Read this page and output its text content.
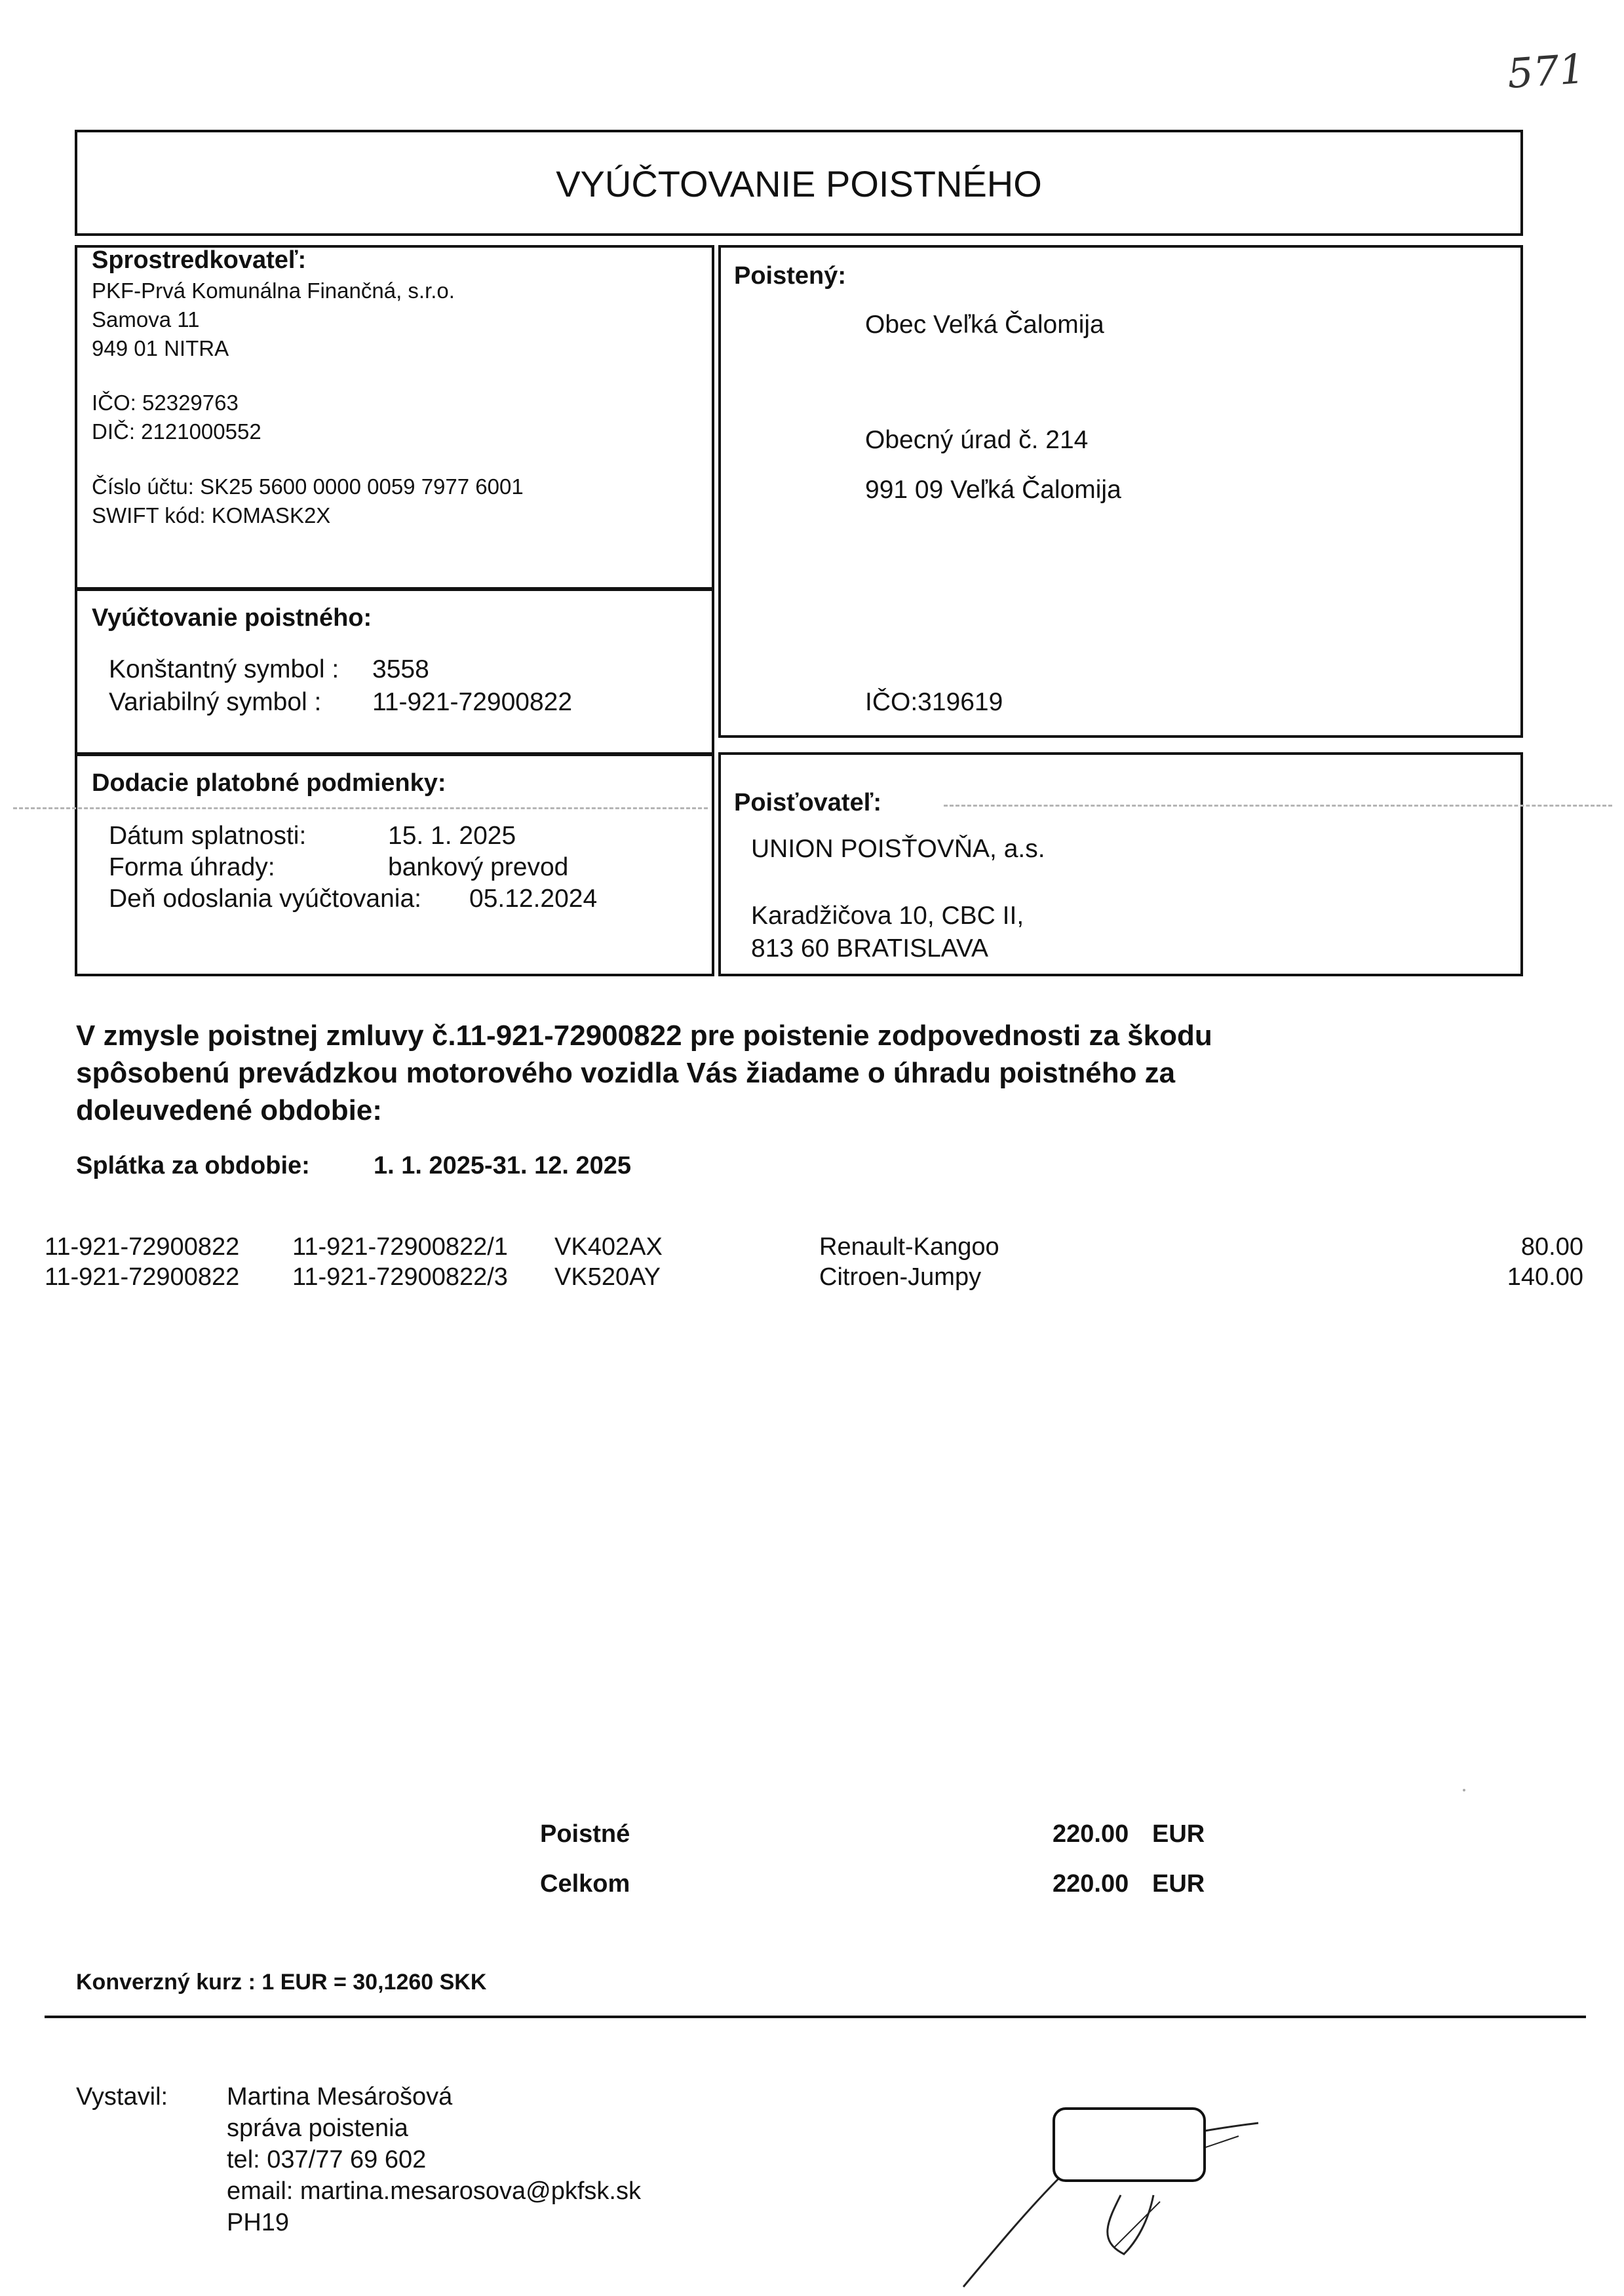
571
VYÚČTOVANIE POISTNÉHO
Sprostredkovateľ:
PKF-Prvá Komunálna Finančná, s.r.o.
Samova 11
949 01 NITRA
IČO: 52329763
DIČ: 2121000552
Číslo účtu: SK25 5600 0000 0059 7977 6001
SWIFT kód: KOMASK2X
Poistený:
Obec Veľká Čalomija
Obecný úrad č. 214
991 09 Veľká Čalomija
IČO:319619
Vyúčtovanie poistného:
Konštantný symbol : 3558
Variabilný symbol : 11-921-72900822
Dodacie platobné podmienky:
Dátum splatnosti:	15. 1. 2025
Forma úhrady:	bankový prevod
Deň odoslania vyúčtovania: 05.12.2024
Poisťovateľ:
UNION POISŤOVŇA, a.s.
Karadžičova 10, CBC II,
813 60 BRATISLAVA
V zmysle poistnej zmluvy č.11-921-72900822 pre poistenie zodpovednosti za škodu
spôsobenú prevádzkou motorového vozidla Vás žiadame o úhradu poistného za
doleuvedené obdobie:
Splátka za obdobie:	1. 1. 2025-31. 12. 2025
11-921-72900822 11-921-72900822/1 VK402AX	Renault-Kangoo	80.00
11-921-72900822 11-921-72900822/3 VK520AY	Citroen-Jumpy	140.00
Poistné	220.00 EUR
Celkom	220.00 EUR
Konverzný kurz : 1 EUR = 30,1260 SKK
Vystavil: Martina Mesárošová
správa poistenia
tel: 037/77 69 602
email: martina.mesarosova@pkfsk.sk
PH19
